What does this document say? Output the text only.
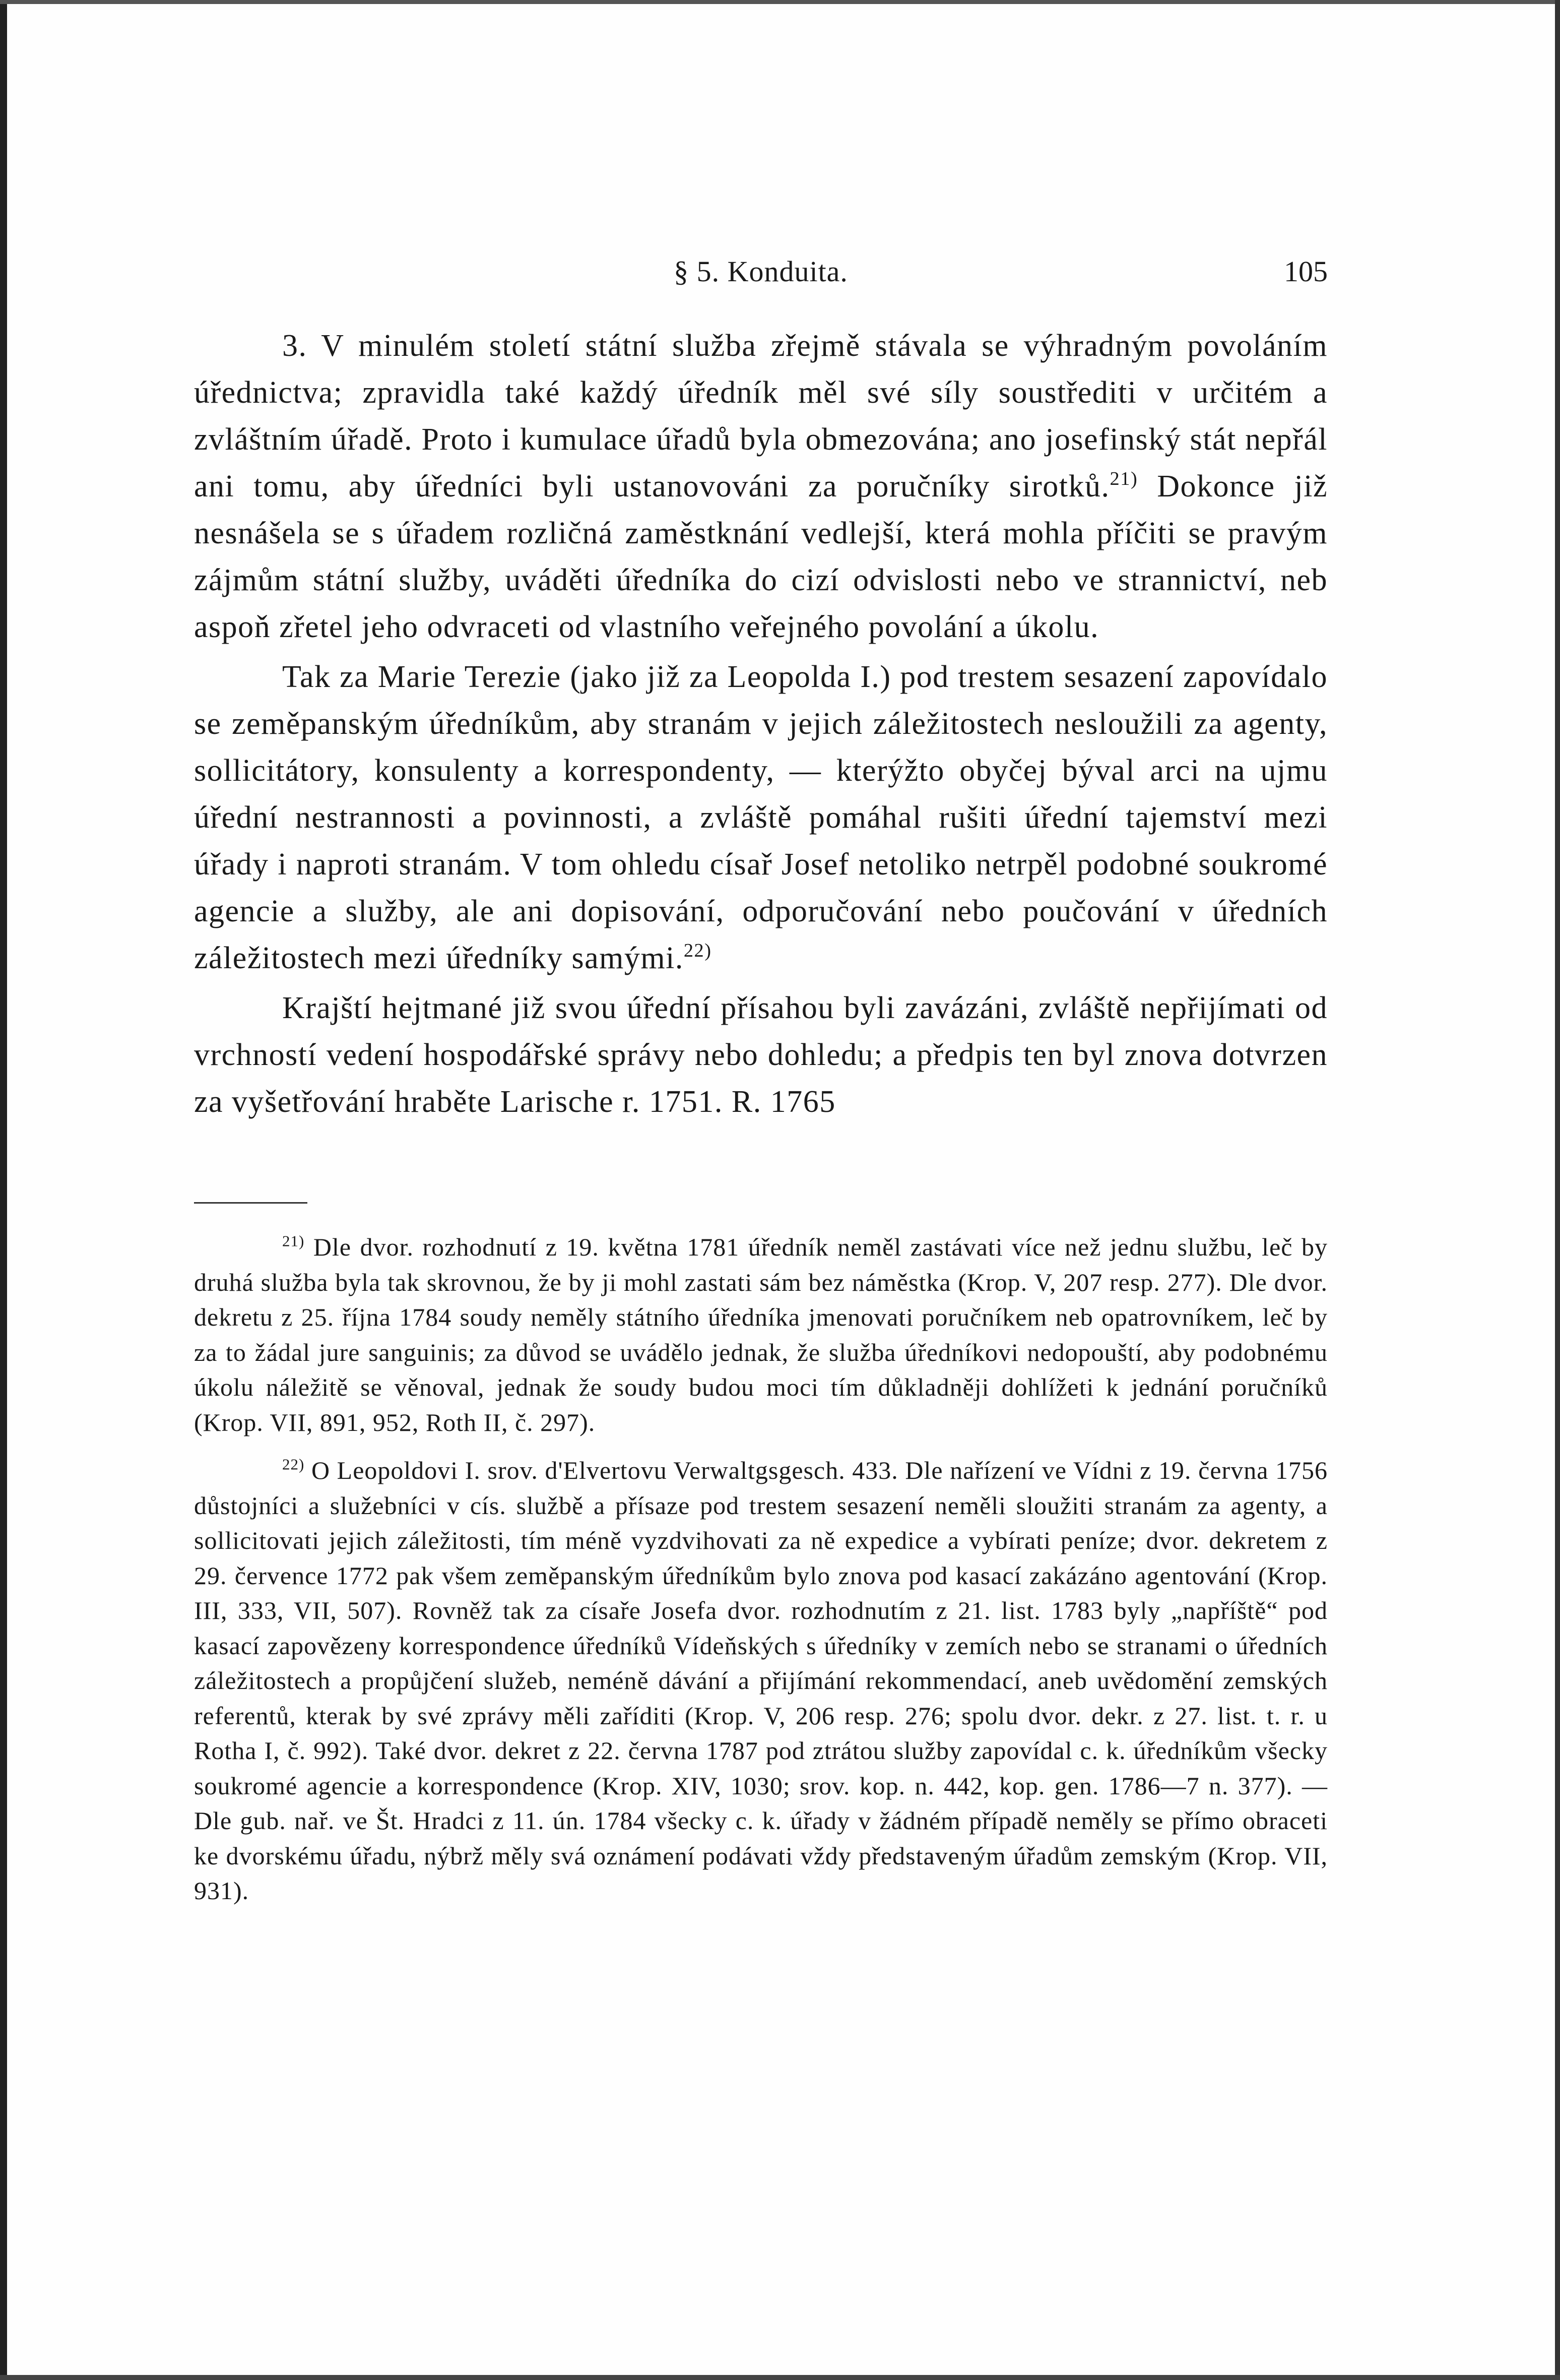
§ 5. Konduita.	105

3. V minulém století státní služba zřejmě stávala se výhradným povoláním úřednictva; zpravidla také každý úředník měl své síly soustřediti v určitém a zvláštním úřadě. Proto i kumulace úřadů byla obmezována; ano josefinský stát nepřál ani tomu, aby úředníci byli ustanovováni za poručníky sirotků.$^{21)}$ Dokonce již nesnášela se s úřadem rozličná zaměstknání vedlejší, která mohla příčiti se pravým zájmům státní služby, uváděti úředníka do cizí odvislosti nebo ve strannictví, neb aspoň zřetel jeho odvraceti od vlastního veřejného povolání a úkolu.

Tak za Marie Terezie (jako již za Leopolda I.) pod trestem sesazení zapovídalo se zeměpanským úředníkům, aby stranám v jejich záležitostech nesloužili za agenty, sollicitátory, konsulenty a korrespondenty, — kterýžto obyčej býval arci na ujmu úřední nestrannosti a povinnosti, a zvláště pomáhal rušiti úřední tajemství mezi úřady i naproti stranám. V tom ohledu císař Josef netoliko netrpěl podobné soukromé agencie a služby, ale ani dopisování, odporučování nebo poučování v úředních záležitostech mezi úředníky samými.$^{22)}$

Krajští hejtmané již svou úřední přísahou byli zavázáni, zvláště nepřijímati od vrchností vedení hospodářské správy nebo dohledu; a předpis ten byl znova dotvrzen za vyšetřování hraběte Larische r. 1751. R. 1765

$^{21)}$ Dle dvor. rozhodnutí z 19. května 1781 úředník neměl zastávati více než jednu službu, leč by druhá služba byla tak skrovnou, že by ji mohl zastati sám bez náměstka (Krop. V, 207 resp. 277). Dle dvor. dekretu z 25. října 1784 soudy neměly státního úředníka jmenovati poručníkem neb opatrovníkem, leč by za to žádal jure sanguinis; za důvod se uvádělo jednak, že služba úředníkovi nedopouští, aby podobnému úkolu náležitě se věnoval, jednak že soudy budou moci tím důkladněji dohlížeti k jednání poručníků (Krop. VII, 891, 952, Roth II, č. 297).

$^{22)}$ O Leopoldovi I. srov. d'Elvertovu Verwaltgsgesch. 433. Dle nařízení ve Vídni z 19. června 1756 důstojníci a služebníci v cís. službě a přísaze pod trestem sesazení neměli sloužiti stranám za agenty, a sollicitovati jejich záležitosti, tím méně vyzdvihovati za ně expedice a vybírati peníze; dvor. dekretem z 29. července 1772 pak všem zeměpanským úředníkům bylo znova pod kasací zakázáno agentování (Krop. III, 333, VII, 507). Rovněž tak za císaře Josefa dvor. rozhodnutím z 21. list. 1783 byly „napříště“ pod kasací zapovězeny korrespondence úředníků Vídeňských s úředníky v zemích nebo se stranami o úředních záležitostech a propůjčení služeb, neméně dávání a přijímání rekommendací, aneb uvědomění zemských referentů, kterak by své zprávy měli zaříditi (Krop. V, 206 resp. 276; spolu dvor. dekr. z 27. list. t. r. u Rotha I, č. 992). Také dvor. dekret z 22. června 1787 pod ztrátou služby zapovídal c. k. úředníkům všecky soukromé agencie a korrespondence (Krop. XIV, 1030; srov. kop. n. 442, kop. gen. 1786—7 n. 377). — Dle gub. nař. ve Št. Hradci z 11. ún. 1784 všecky c. k. úřady v žádném případě neměly se přímo obraceti ke dvorskému úřadu, nýbrž měly svá oznámení podávati vždy představeným úřadům zemským (Krop. VII, 931).
